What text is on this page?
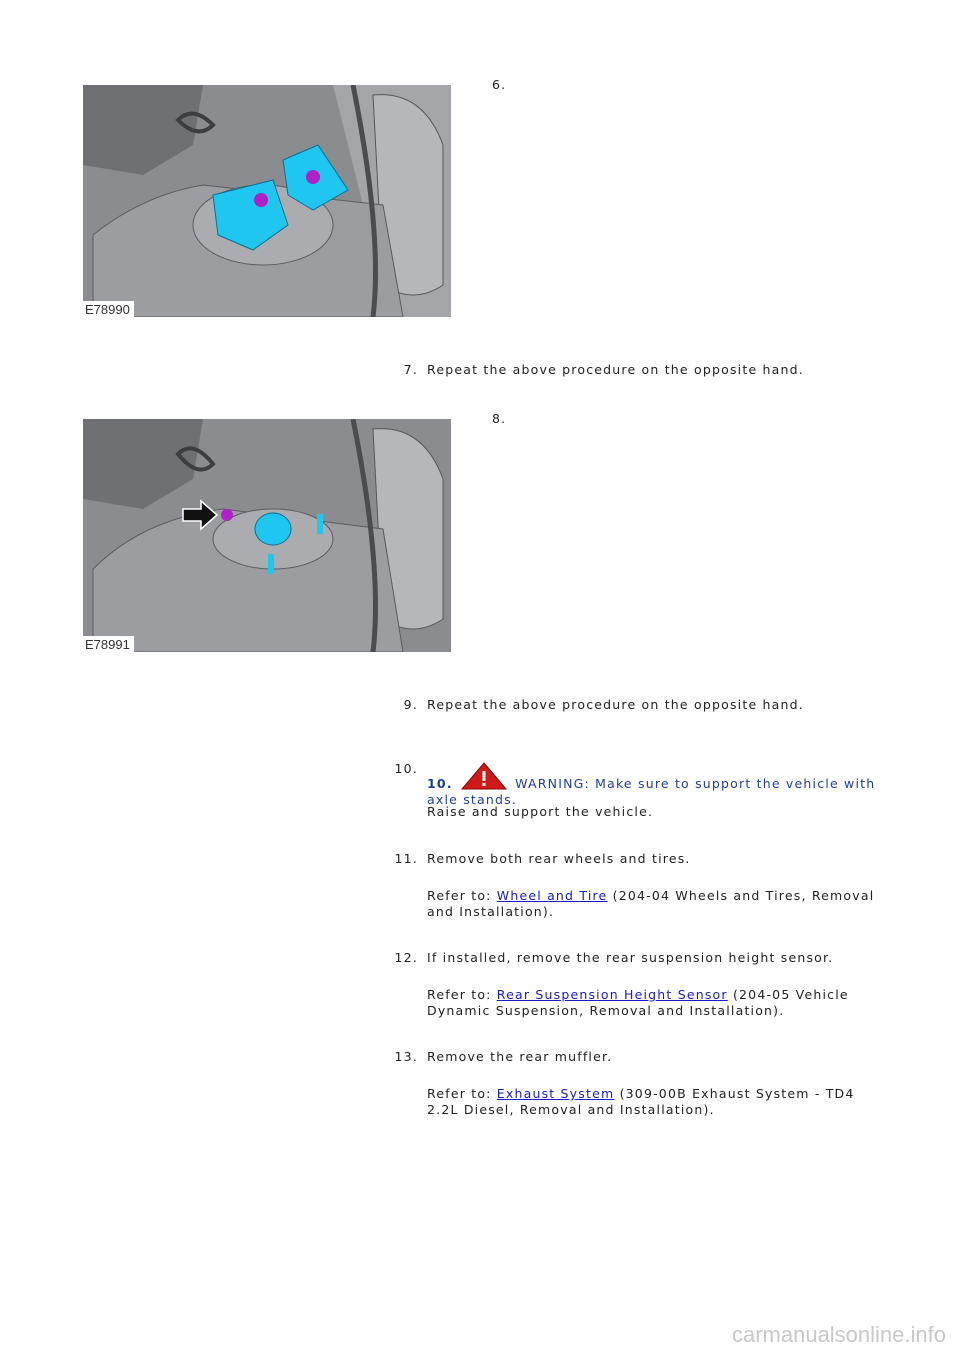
6.
E78990
7. Repeat the above procedure on the opposite hand.
8.
E78991
9. Repeat the above procedure on the opposite hand.
10.
10.	WARNING: Make sure to support the vehicle with axle stands.
Raise and support the vehicle.
11. Remove both rear wheels and tires.
Refer to: Wheel and Tire (204-04 Wheels and Tires, Removal and Installation).
12. If installed, remove the rear suspension height sensor.
Refer to: Rear Suspension Height Sensor (204-05 Vehicle Dynamic Suspension, Removal and Installation).
13. Remove the rear muffler.
Refer to: Exhaust System (309-00B Exhaust System - TD4 2.2L Diesel, Removal and Installation).
carmanualsonline.info
